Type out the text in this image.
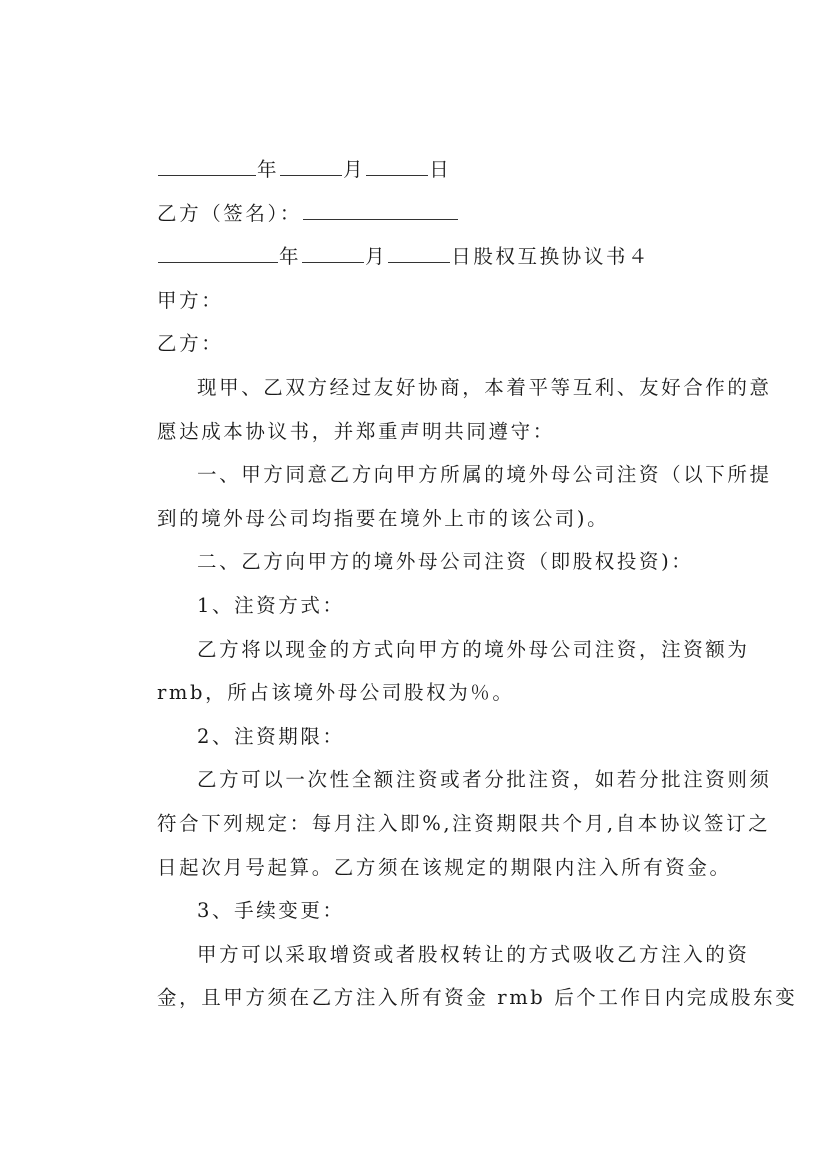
年	月	日
乙方（签名）：
年	月	日股权互换协议书４
甲方：
乙方：
现甲、乙双方经过友好协商，本着平等互利、友好合作的意
愿达成本协议书，并郑重声明共同遵守：
一、甲方同意乙方向甲方所属的境外母公司注资（以下所提
到的境外母公司均指要在境外上市的该公司)。
二、乙方向甲方的境外母公司注资（即股权投资)：
1、注资方式：
乙方将以现金的方式向甲方的境外母公司注资，注资额为
rmb，所占该境外母公司股权为％。
2、注资期限：
乙方可以一次性全额注资或者分批注资，如若分批注资则须
符合下列规定：每月注入即%,注资期限共个月,自本协议签订之
日起次月号起算。乙方须在该规定的期限内注入所有资金。
3、手续变更：
甲方可以采取增资或者股权转让的方式吸收乙方注入的资
金，且甲方须在乙方注入所有资金 rmb 后个工作日内完成股东变
